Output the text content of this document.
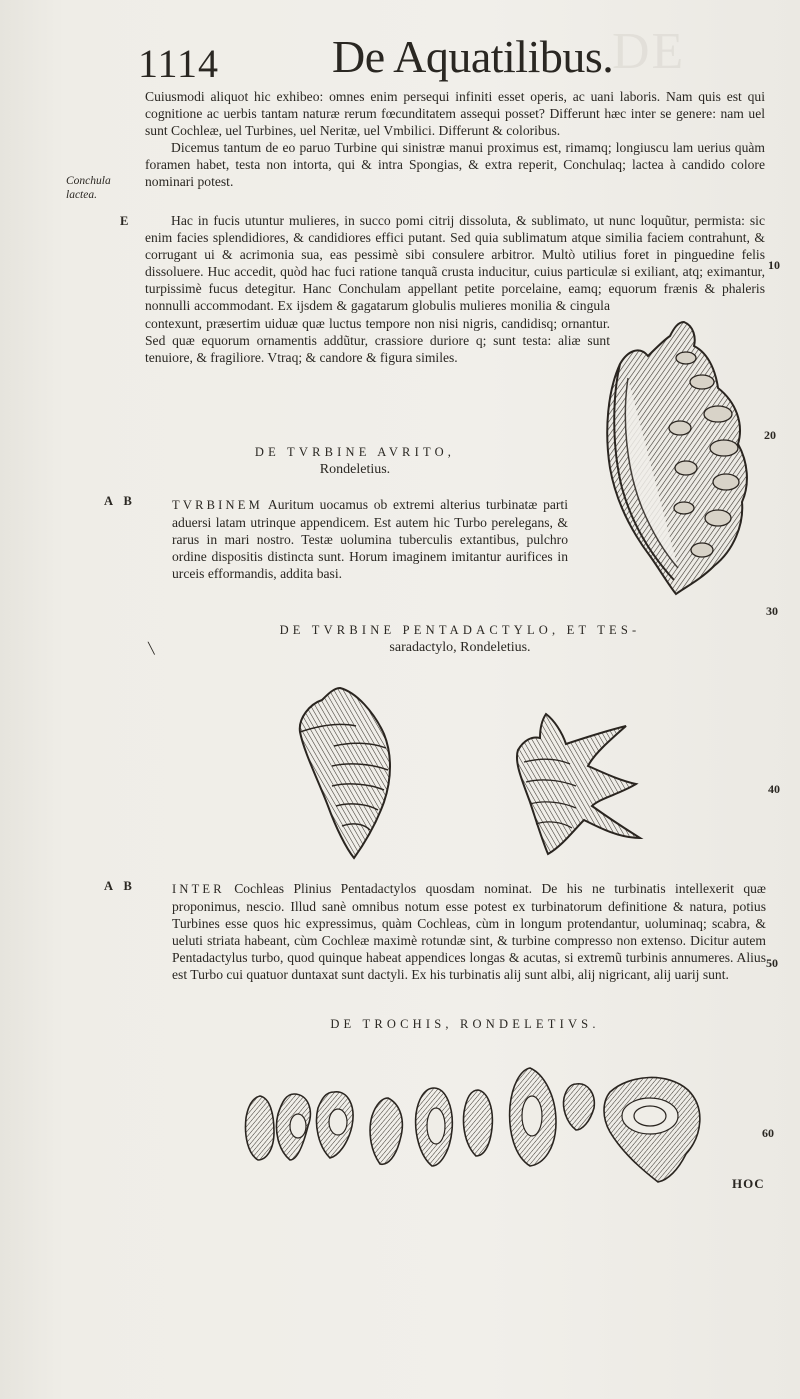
1114 De Aquatilibus.
DE
Conchula lactea.
E
A B
A B
10
20
30
40
50
60

Cuiusmodi aliquot hic exhibeo: omnes enim persequi infiniti esset operis, ac uani laboris. Nam quis est qui cognitione ac uerbis tantam naturæ rerum fœcunditatem assequi posset? Differunt hæc inter se genere: nam uel sunt Cochleæ, uel Turbines, uel Neritæ, uel Vmbilici. Differunt & coloribus.

Dicemus tantum de eo paruo Turbine qui sinistræ manui proximus est, rimamq; longiuscu lam uerius quàm foramen habet, testa non intorta, qui & intra Spongias, & extra reperit, Conchulaq; lactea à candido colore nominari potest.

Hac in fucis utuntur mulieres, in succo pomi citrij dissoluta, & sublimato, ut nunc loquũtur, permista: sic enim facies splendidiores, & candidiores effici putant. Sed quia sublimatum atque similia faciem contrahunt, & corrugant ui & acrimonia sua, eas pessimè sibi consulere arbitror. Multò utilius foret in pinguedine felis dissoluere. Huc accedit, quòd hac fuci ratione tanquã crusta inducitur, cuius particulæ si exiliant, atq; eximantur, turpissimè fucus detegitur. Hanc Conchulam appellant petite porcelaine, eamq; equorum frænis & phaleris nonnulli accommodant. Ex ijsdem & gagatarum globulis mulieres monilia & cingula contexunt, præsertim uiduæ quæ luctus tempore non nisi nigris, candidisq; ornantur. Sed quæ equorum ornamentis addũtur, crassiore duriore q; sunt testa: aliæ sunt tenuiore, & fragiliore. Vtraq; & candore & figura similes.

DE TVRBINE AVRITO,
Rondeletius.

TVRBINEM Auritum uocamus ob extremi alterius turbinatæ parti aduersi latam utrinque appendicem. Est autem hic Turbo perelegans, & rarus in mari nostro. Testæ uolumina tuberculis extantibus, pulchro ordine dispositis distincta sunt. Horum imaginem imitantur aurifices in urceis efformandis, addita basi.

DE TVRBINE PENTADACTYLO, ET TES-
saradactylo, Rondeletius.
╲

INTER Cochleas Plinius Pentadactylos quosdam nominat. De his ne turbinatis intellexerit quæ proponimus, nescio. Illud sanè omnibus notum esse potest ex turbinatorum definitione & natura, potius Turbines esse quos hic expressimus, quàm Cochleas, cùm in longum protendantur, uoluminaq; scabra, & ueluti striata habeant, cùm Cochleæ maximè rotundæ sint, & turbine compresso non extenso. Dicitur autem Pentadactylus turbo, quod quinque habeat appendices longas & acutas, si extremũ turbinis annumeres. Alius est Turbo cui quatuor duntaxat sunt dactyli. Ex his turbinatis alij sunt albi, alij nigricant, alij uarij sunt.

DE TROCHIS, RONDELETIVS.
HOC
